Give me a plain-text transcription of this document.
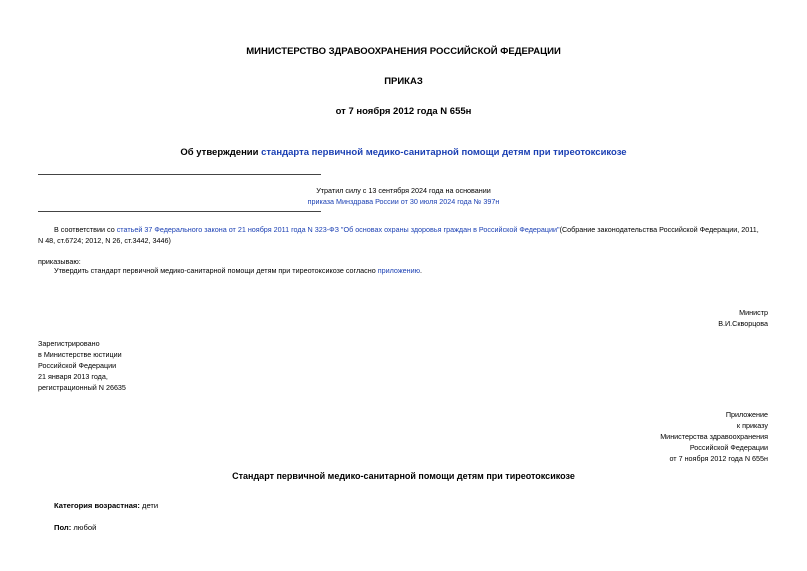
МИНИСТЕРСТВО ЗДРАВООХРАНЕНИЯ РОССИЙСКОЙ ФЕДЕРАЦИИ
ПРИКАЗ
от 7 ноября 2012 года N 655н
Об утверждении стандарта первичной медико-санитарной помощи детям при тиреотоксикозе
Утратил силу с 13 сентября 2024 года на основании
приказа Минздрава России от 30 июля 2024 года № 397н
В соответствии со статьей 37 Федерального закона от 21 ноября 2011 года N 323-ФЗ "Об основах охраны здоровья граждан в Российской Федерации"(Собрание законодательства Российской Федерации, 2011,
N 48, ст.6724; 2012, N 26, ст.3442, 3446)
приказываю:
Утвердить стандарт первичной медико-санитарной помощи детям при тиреотоксикозе согласно приложению.
Министр
В.И.Скворцова
Зарегистрировано
в Министерстве юстиции
Российской Федерации
21 января 2013 года,
регистрационный N 26635
Приложение
к приказу
Министерства здравоохранения
Российской Федерации
от 7 ноября 2012 года N 655н
Стандарт первичной медико-санитарной помощи детям при тиреотоксикозе
Категория возрастная: дети
Пол: любой
